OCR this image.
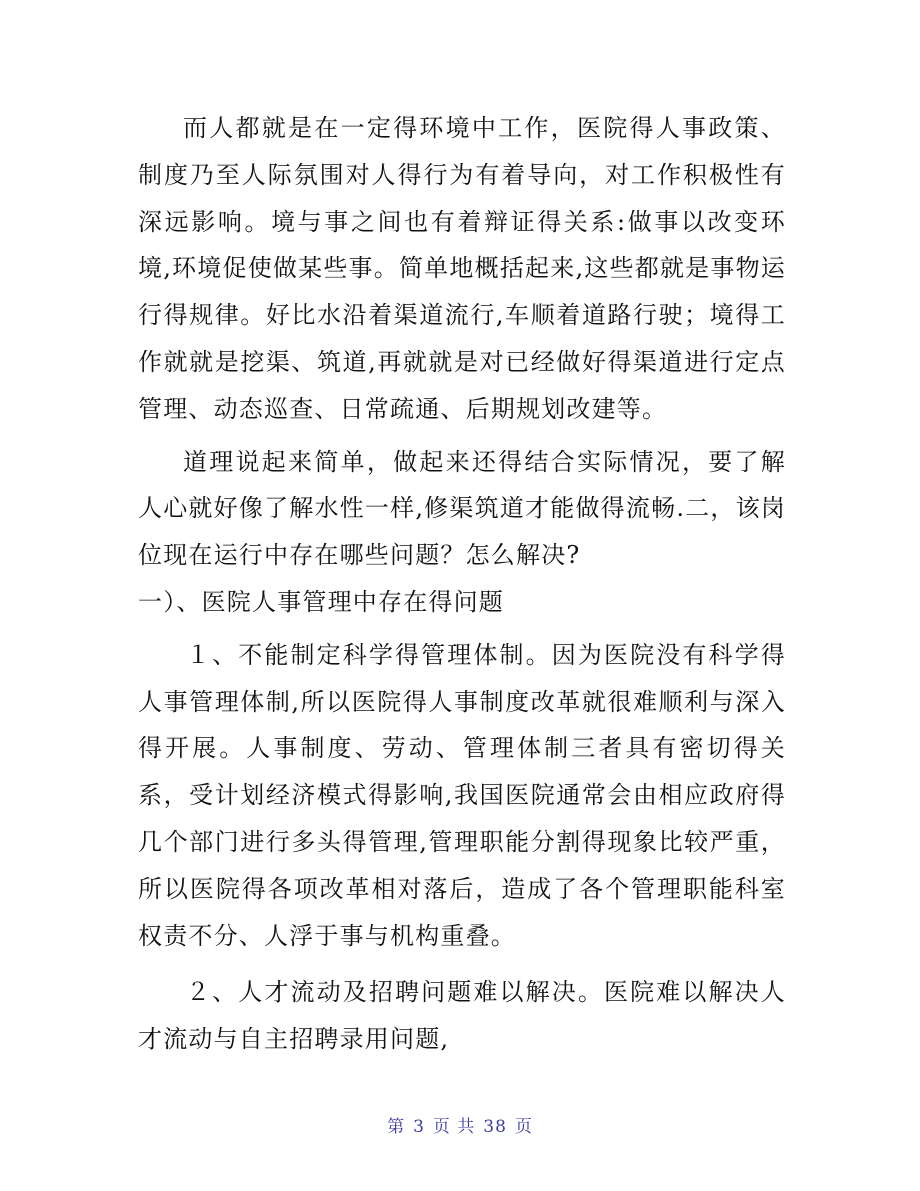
而人都就是在一定得环境中工作，医院得人事政策、制度乃至人际氛围对人得行为有着导向，对工作积极性有深远影响。境与事之间也有着辩证得关系:做事以改变环境,环境促使做某些事。简单地概括起来,这些都就是事物运行得规律。好比水沿着渠道流行,车顺着道路行驶；境得工作就就是挖渠、筑道,再就就是对已经做好得渠道进行定点管理、动态巡查、日常疏通、后期规划改建等。

道理说起来简单，做起来还得结合实际情况，要了解人心就好像了解水性一样,修渠筑道才能做得流畅.二，该岗位现在运行中存在哪些问题？怎么解决?

一）、医院人事管理中存在得问题

１、不能制定科学得管理体制。因为医院没有科学得人事管理体制,所以医院得人事制度改革就很难顺利与深入得开展。人事制度、劳动、管理体制三者具有密切得关系，受计划经济模式得影响,我国医院通常会由相应政府得几个部门进行多头得管理,管理职能分割得现象比较严重，所以医院得各项改革相对落后，造成了各个管理职能科室权责不分、人浮于事与机构重叠。

２、人才流动及招聘问题难以解决。医院难以解决人才流动与自主招聘录用问题,

第 3 页 共 38 页
